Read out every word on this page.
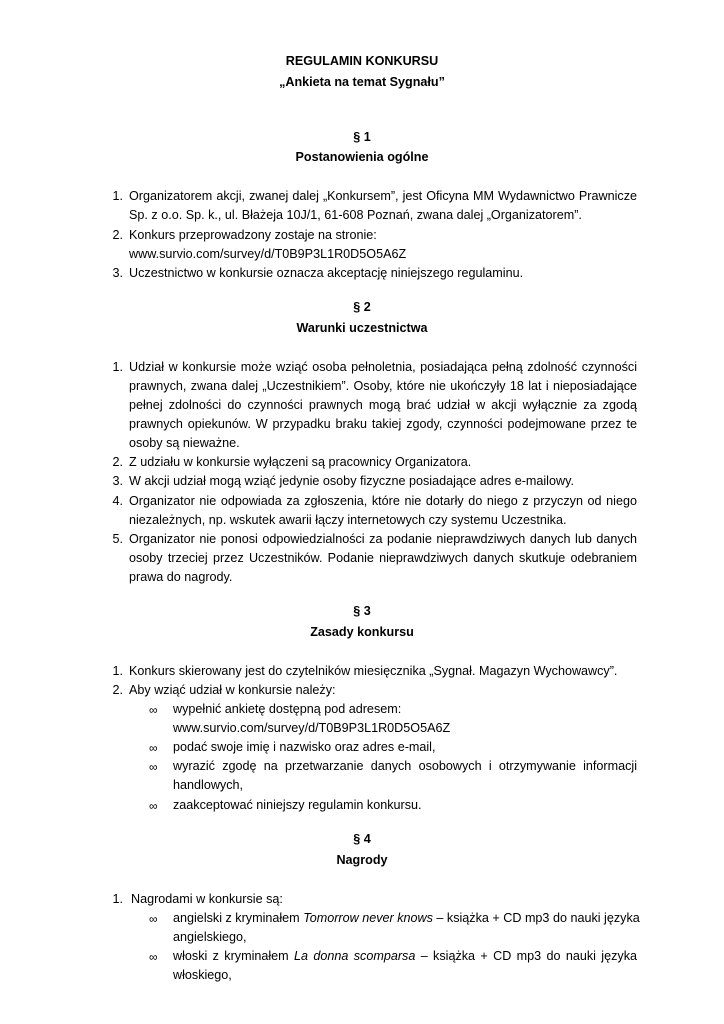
REGULAMIN KONKURSU
„Ankieta na temat Sygnału”
§ 1
Postanowienia ogólne
1. Organizatorem akcji, zwanej dalej „Konkursem”, jest Oficyna MM Wydawnictwo Prawnicze
Sp. z o.o. Sp. k., ul. Błażeja 10J/1, 61-608 Poznań, zwana dalej „Organizatorem”.
2. Konkurs przeprowadzony zostaje na stronie:
www.survio.com/survey/d/T0B9P3L1R0D5O5A6Z
3. Uczestnictwo w konkursie oznacza akceptację niniejszego regulaminu.
§ 2
Warunki uczestnictwa
1. Udział w konkursie może wziąć osoba pełnoletnia, posiadająca pełną zdolność czynności
prawnych, zwana dalej „Uczestnikiem”. Osoby, które nie ukończyły 18 lat i nieposiadające
pełnej zdolności do czynności prawnych mogą brać udział w akcji wyłącznie za zgodą
prawnych opiekunów. W przypadku braku takiej zgody, czynności podejmowane przez te
osoby są nieważne.
2. Z udziału w konkursie wyłączeni są pracownicy Organizatora.
3. W akcji udział mogą wziąć jedynie osoby fizyczne posiadające adres e-mailowy.
4. Organizator nie odpowiada za zgłoszenia, które nie dotarły do niego z przyczyn od niego
niezależnych, np. wskutek awarii łączy internetowych czy systemu Uczestnika.
5. Organizator nie ponosi odpowiedzialności za podanie nieprawdziwych danych lub danych
osoby trzeciej przez Uczestników. Podanie nieprawdziwych danych skutkuje odebraniem
prawa do nagrody.
§ 3
Zasady konkursu
1. Konkurs skierowany jest do czytelników miesięcznika „Sygnał. Magazyn Wychowawcy”.
2. Aby wziąć udział w konkursie należy:
∞ wypełnić ankietę dostępną pod adresem:
www.survio.com/survey/d/T0B9P3L1R0D5O5A6Z
∞ podać swoje imię i nazwisko oraz adres e-mail,
∞ wyrazić zgodę na przetwarzanie danych osobowych i otrzymywanie informacji
handlowych,
∞ zaakceptować niniejszy regulamin konkursu.
§ 4
Nagrody
1. Nagrodami w konkursie są:
∞ angielski z kryminałem Tomorrow never knows – książka + CD mp3 do nauki języka
angielskiego,
∞ włoski z kryminałem La donna scomparsa – książka + CD mp3 do nauki języka
włoskiego,
